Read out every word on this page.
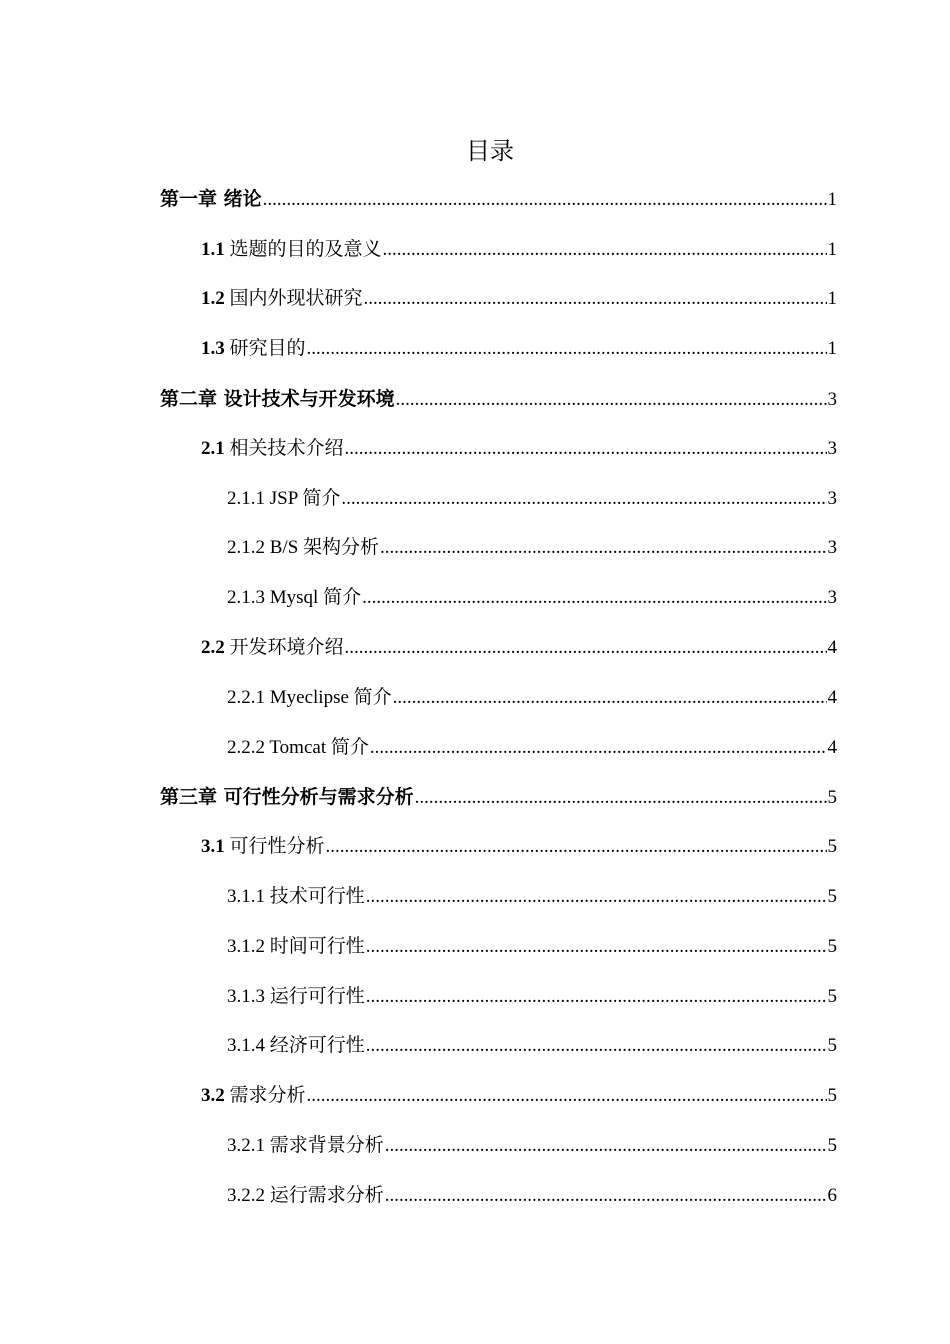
目录
第一章 绪论 .....	1
1.1 选题的目的及意义 .....	1
1.2 国内外现状研究 .....	1
1.3 研究目的 .....	1
第二章 设计技术与开发环境 .....	3
2.1 相关技术介绍 .....	3
2.1.1 JSP 简介 .....	3
2.1.2 B/S 架构分析 .....	3
2.1.3 Mysql 简介 .....	3
2.2 开发环境介绍 .....	4
2.2.1 Myeclipse 简介 .....	4
2.2.2 Tomcat 简介 .....	4
第三章 可行性分析与需求分析 .....	5
3.1 可行性分析 .....	5
3.1.1 技术可行性 .....	5
3.1.2 时间可行性 .....	5
3.1.3 运行可行性 .....	5
3.1.4 经济可行性 .....	5
3.2 需求分析 .....	5
3.2.1 需求背景分析 .....	5
3.2.2 运行需求分析 .....	6
